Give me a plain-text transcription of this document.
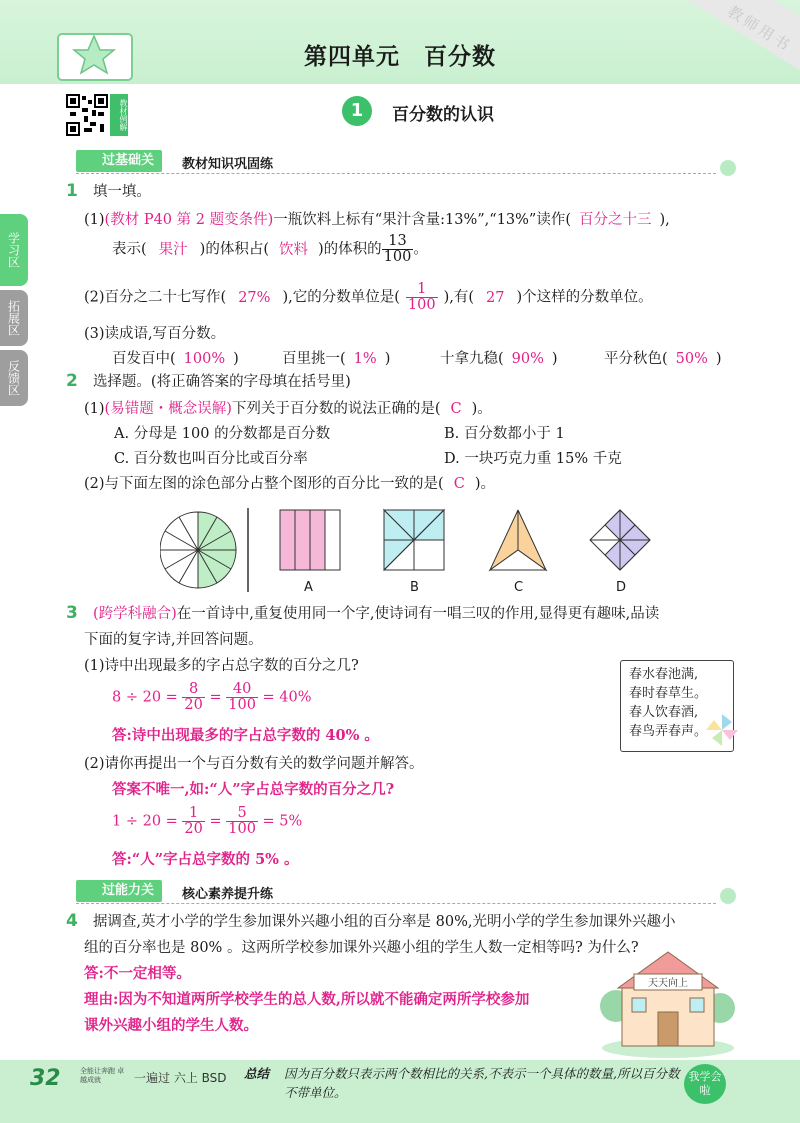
教师用书
第四单元　百分数
教材例解	1	百分数的认识
学习区
拓展区
反馈区
过基础关	教材知识巩固练
1 填一填。
(1)(教材 P40 第 2 题变条件)一瓶饮料上标有“果汁含量:13%”,“13%”读作( 百分之十三 ),
表示( 果汁 )的体积占( 饮料 )的体积的 $\frac{13}{100}$ 。
(2)百分之二十七写作( 27% ),它的分数单位是( $\frac{1}{100}$ ),有( 27 )个这样的分数单位。
(3)读成语,写百分数。
百发百中( 100% )	百里挑一( 1% )	十拿九稳( 90% )	平分秋色( 50% )
2 选择题。(将正确答案的字母填在括号里)
(1)(易错题・概念误解)下列关于百分数的说法正确的是( C )。
A. 分母是 100 的分数都是百分数	B. 百分数都小于 1
C. 百分数也叫百分比或百分率	D. 一块巧克力重 15% 千克
(2)与下面左图的涂色部分占整个图形的百分比一致的是( C )。
A	B	C	D
3 (跨学科融合)在一首诗中,重复使用同一个字,使诗词有一唱三叹的作用,显得更有趣味,品读
下面的复字诗,并回答问题。
(1)诗中出现最多的字占总字数的百分之几?
$8 \div 20 = \frac{8}{20} = \frac{40}{100} = 40\%$
答:诗中出现最多的字占总字数的 40% 。
(2)请你再提出一个与百分数有关的数学问题并解答。
答案不唯一,如:“人”字占总字数的百分之几?
$1 \div 20 = \frac{1}{20} = \frac{5}{100} = 5\%$
答:“人”字占总字数的 5% 。
春水春池满,
春时春草生。
春人饮春酒,
春鸟弄春声。
过能力关	核心素养提升练
4 据调查,英才小学的学生参加课外兴趣小组的百分率是 80%,光明小学的学生参加课外兴趣小
组的百分率也是 80% 。这两所学校参加课外兴趣小组的学生人数一定相等吗? 为什么?
答:不一定相等。
理由:因为不知道两所学校学生的总人数,所以就不能确定两所学校参加
课外兴趣小组的学生人数。
天天向上
32	全能让奔跑 卓越成就	一遍过 六上 BSD 总结 因为百分数只表示两个数相比的关系,不表示一个具体的数量,所以百分数不带单位。
我学会啦
